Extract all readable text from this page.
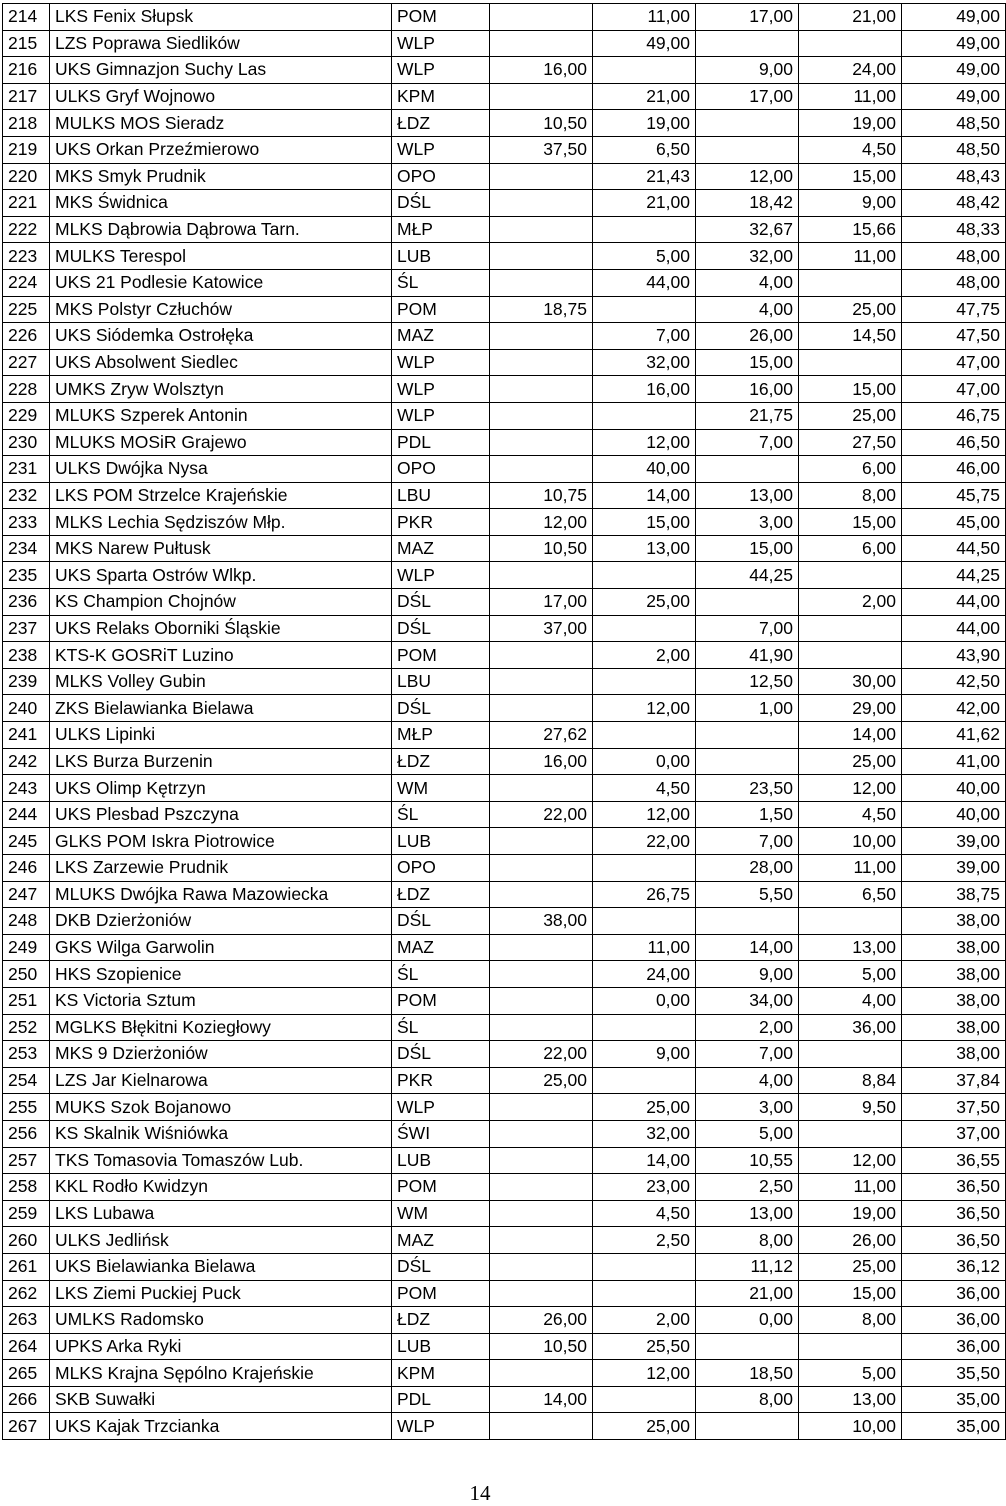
214	LKS Fenix Słupsk	POM		11,00	17,00	21,00	49,00
215	LZS Poprawa Siedlików	WLP		49,00			49,00
216	UKS Gimnazjon Suchy Las	WLP	16,00		9,00	24,00	49,00
217	ULKS Gryf Wojnowo	KPM		21,00	17,00	11,00	49,00
218	MULKS MOS Sieradz	ŁDZ	10,50	19,00		19,00	48,50
219	UKS Orkan Przeźmierowo	WLP	37,50	6,50		4,50	48,50
220	MKS Smyk Prudnik	OPO		21,43	12,00	15,00	48,43
221	MKS Świdnica	DŚL		21,00	18,42	9,00	48,42
222	MLKS Dąbrowia Dąbrowa Tarn.	MŁP			32,67	15,66	48,33
223	MULKS Terespol	LUB		5,00	32,00	11,00	48,00
224	UKS 21 Podlesie Katowice	ŚL		44,00	4,00		48,00
225	MKS Polstyr Człuchów	POM	18,75		4,00	25,00	47,75
226	UKS Siódemka Ostrołęka	MAZ		7,00	26,00	14,50	47,50
227	UKS Absolwent Siedlec	WLP		32,00	15,00		47,00
228	UMKS Zryw Wolsztyn	WLP		16,00	16,00	15,00	47,00
229	MLUKS Szperek Antonin	WLP			21,75	25,00	46,75
230	MLUKS MOSiR Grajewo	PDL		12,00	7,00	27,50	46,50
231	ULKS Dwójka Nysa	OPO		40,00		6,00	46,00
232	LKS POM Strzelce Krajeńskie	LBU	10,75	14,00	13,00	8,00	45,75
233	MLKS Lechia Sędziszów Młp.	PKR	12,00	15,00	3,00	15,00	45,00
234	MKS Narew Pułtusk	MAZ	10,50	13,00	15,00	6,00	44,50
235	UKS Sparta Ostrów Wlkp.	WLP			44,25		44,25
236	KS Champion Chojnów	DŚL	17,00	25,00		2,00	44,00
237	UKS Relaks Oborniki Śląskie	DŚL	37,00		7,00		44,00
238	KTS-K GOSRiT Luzino	POM		2,00	41,90		43,90
239	MLKS Volley Gubin	LBU			12,50	30,00	42,50
240	ZKS Bielawianka Bielawa	DŚL		12,00	1,00	29,00	42,00
241	ULKS Lipinki	MŁP	27,62			14,00	41,62
242	LKS Burza Burzenin	ŁDZ	16,00	0,00		25,00	41,00
243	UKS Olimp Kętrzyn	WM		4,50	23,50	12,00	40,00
244	UKS Plesbad Pszczyna	ŚL	22,00	12,00	1,50	4,50	40,00
245	GLKS POM Iskra Piotrowice	LUB		22,00	7,00	10,00	39,00
246	LKS Zarzewie Prudnik	OPO			28,00	11,00	39,00
247	MLUKS Dwójka Rawa Mazowiecka	ŁDZ		26,75	5,50	6,50	38,75
248	DKB Dzierżoniów	DŚL	38,00				38,00
249	GKS Wilga Garwolin	MAZ		11,00	14,00	13,00	38,00
250	HKS Szopienice	ŚL		24,00	9,00	5,00	38,00
251	KS Victoria Sztum	POM		0,00	34,00	4,00	38,00
252	MGLKS Błękitni Koziegłowy	ŚL			2,00	36,00	38,00
253	MKS 9 Dzierżoniów	DŚL	22,00	9,00	7,00		38,00
254	LZS Jar Kielnarowa	PKR	25,00		4,00	8,84	37,84
255	MUKS Szok Bojanowo	WLP		25,00	3,00	9,50	37,50
256	KS Skalnik Wiśniówka	ŚWI		32,00	5,00		37,00
257	TKS Tomasovia Tomaszów Lub.	LUB		14,00	10,55	12,00	36,55
258	KKL Rodło Kwidzyn	POM		23,00	2,50	11,00	36,50
259	LKS Lubawa	WM		4,50	13,00	19,00	36,50
260	ULKS Jedlińsk	MAZ		2,50	8,00	26,00	36,50
261	UKS Bielawianka Bielawa	DŚL			11,12	25,00	36,12
262	LKS Ziemi Puckiej Puck	POM			21,00	15,00	36,00
263	UMLKS Radomsko	ŁDZ	26,00	2,00	0,00	8,00	36,00
264	UPKS Arka Ryki	LUB	10,50	25,50			36,00
265	MLKS Krajna Sępólno Krajeńskie	KPM		12,00	18,50	5,00	35,50
266	SKB Suwałki	PDL	14,00		8,00	13,00	35,00
267	UKS Kajak Trzcianka	WLP		25,00		10,00	35,00
14
